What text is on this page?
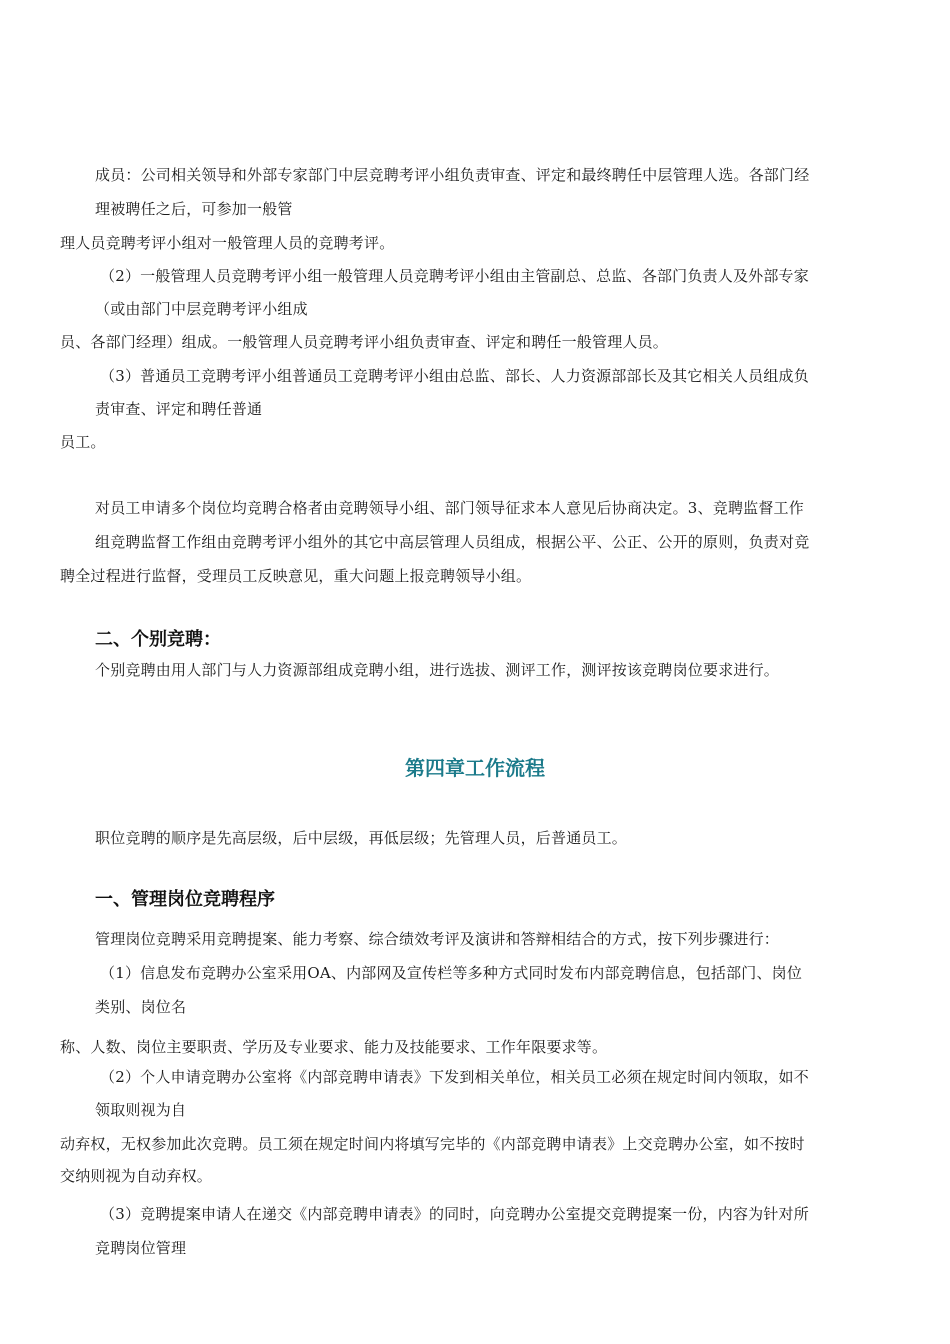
成员：公司相关领导和外部专家部门中层竞聘考评小组负责审查、评定和最终聘任中层管理人选。各部门经
理被聘任之后，可参加一般管
理人员竞聘考评小组对一般管理人员的竞聘考评。
（2）一般管理人员竞聘考评小组一般管理人员竞聘考评小组由主管副总、总监、各部门负责人及外部专家
（或由部门中层竞聘考评小组成
员、各部门经理）组成。一般管理人员竞聘考评小组负责审查、评定和聘任一般管理人员。
（3）普通员工竞聘考评小组普通员工竞聘考评小组由总监、部长、人力资源部部长及其它相关人员组成负
责审查、评定和聘任普通
员工。
对员工申请多个岗位均竞聘合格者由竞聘领导小组、部门领导征求本人意见后协商决定。3、竞聘监督工作
组竞聘监督工作组由竞聘考评小组外的其它中高层管理人员组成，根据公平、公正、公开的原则，负责对竞
聘全过程进行监督，受理员工反映意见，重大问题上报竞聘领导小组。
二、个别竞聘：
个别竞聘由用人部门与人力资源部组成竞聘小组，进行选拔、测评工作，测评按该竞聘岗位要求进行。
第四章工作流程
职位竞聘的顺序是先高层级，后中层级，再低层级；先管理人员，后普通员工。
一、管理岗位竞聘程序
管理岗位竞聘采用竞聘提案、能力考察、综合绩效考评及演讲和答辩相结合的方式，按下列步骤进行：
（1）信息发布竞聘办公室采用OA、内部网及宣传栏等多种方式同时发布内部竞聘信息，包括部门、岗位
类别、岗位名
称、人数、岗位主要职责、学历及专业要求、能力及技能要求、工作年限要求等。
（2）个人申请竞聘办公室将《内部竞聘申请表》下发到相关单位，相关员工必须在规定时间内领取，如不
领取则视为自
动弃权，无权参加此次竞聘。员工须在规定时间内将填写完毕的《内部竞聘申请表》上交竞聘办公室，如不按时
交纳则视为自动弃权。
（3）竞聘提案申请人在递交《内部竞聘申请表》的同时，向竞聘办公室提交竞聘提案一份，内容为针对所
竞聘岗位管理
